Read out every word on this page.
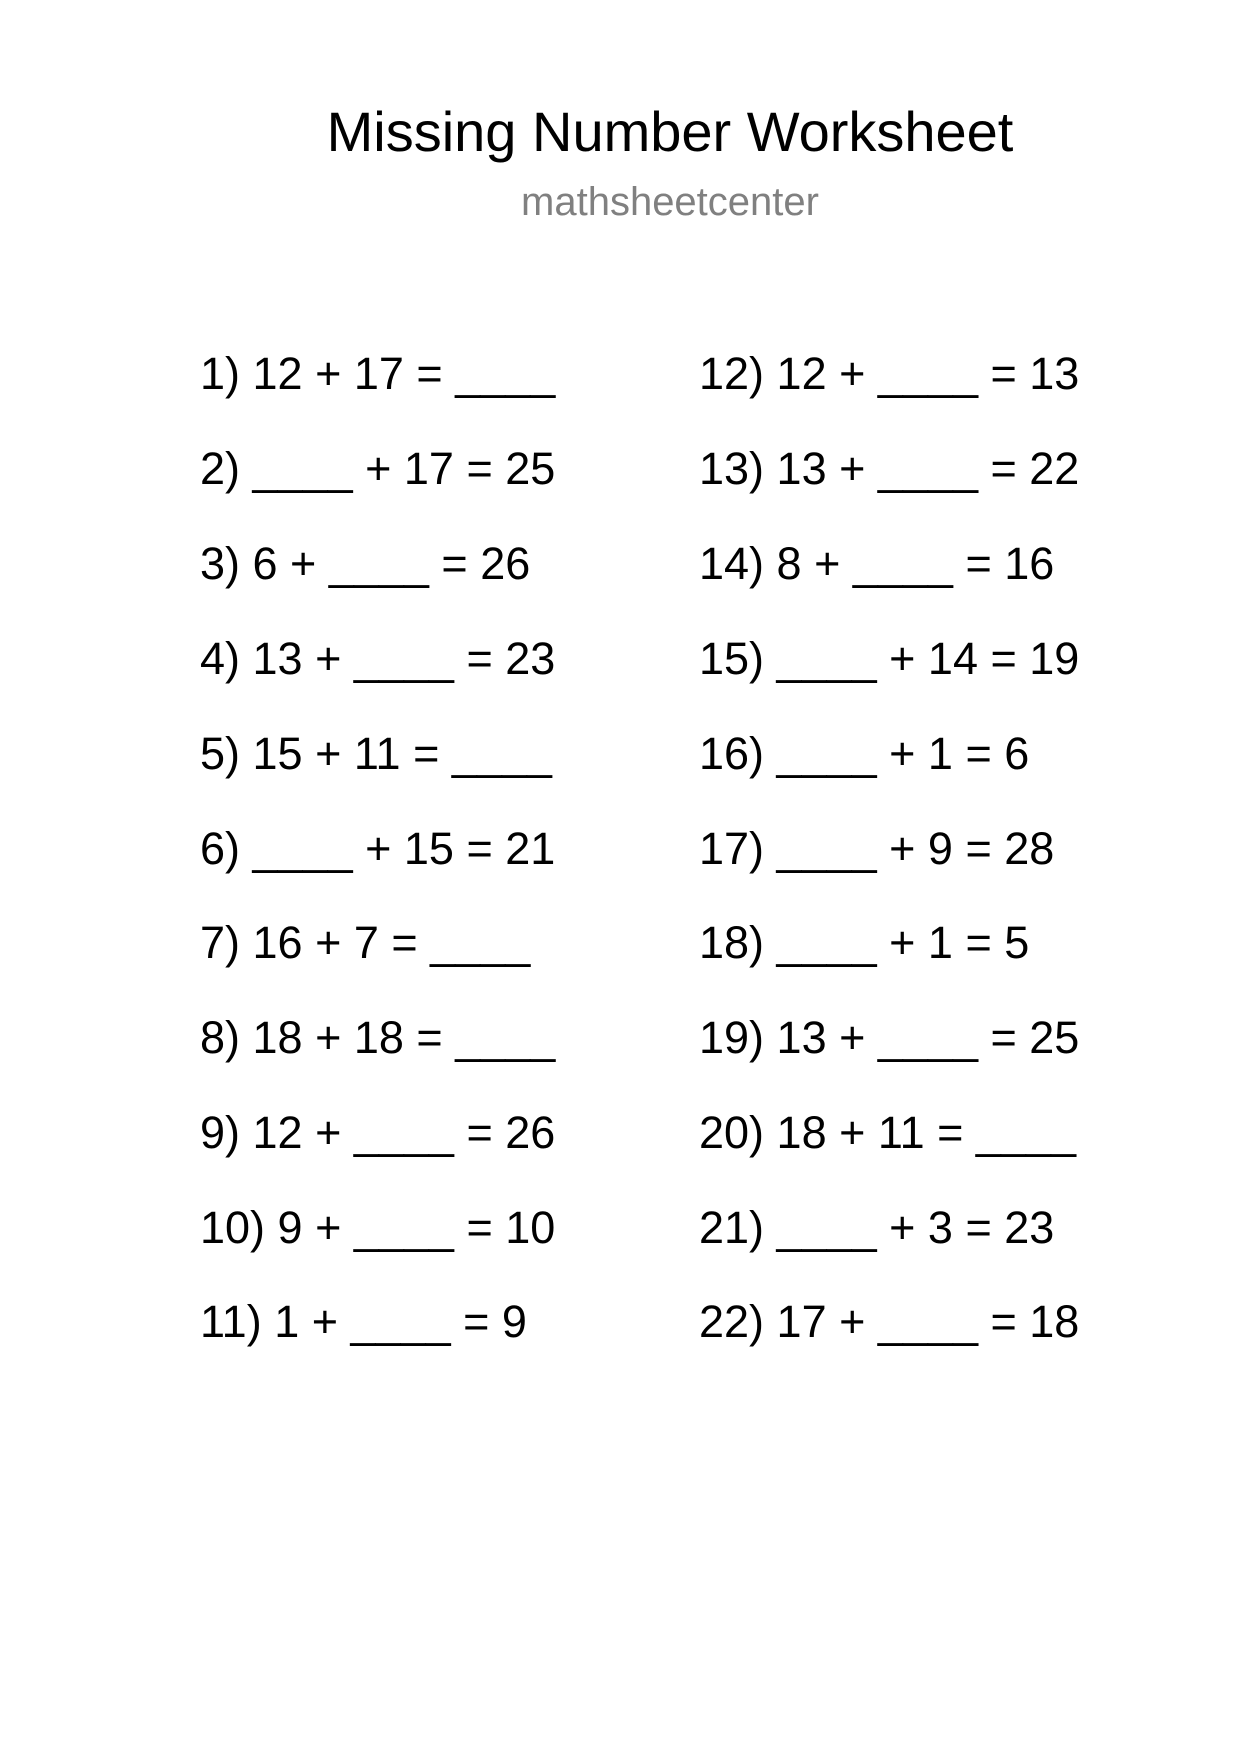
Missing Number Worksheet
mathsheetcenter
1) 12 + 17 = ____
2) ____ + 17 = 25
3) 6 + ____ = 26
4) 13 + ____ = 23
5) 15 + 11 = ____
6) ____ + 15 = 21
7) 16 + 7 = ____
8) 18 + 18 = ____
9) 12 + ____ = 26
10) 9 + ____ = 10
11) 1 + ____ = 9
12) 12 + ____ = 13
13) 13 + ____ = 22
14) 8 + ____ = 16
15) ____ + 14 = 19
16) ____ + 1 = 6
17) ____ + 9 = 28
18) ____ + 1 = 5
19) 13 + ____ = 25
20) 18 + 11 = ____
21) ____ + 3 = 23
22) 17 + ____ = 18
